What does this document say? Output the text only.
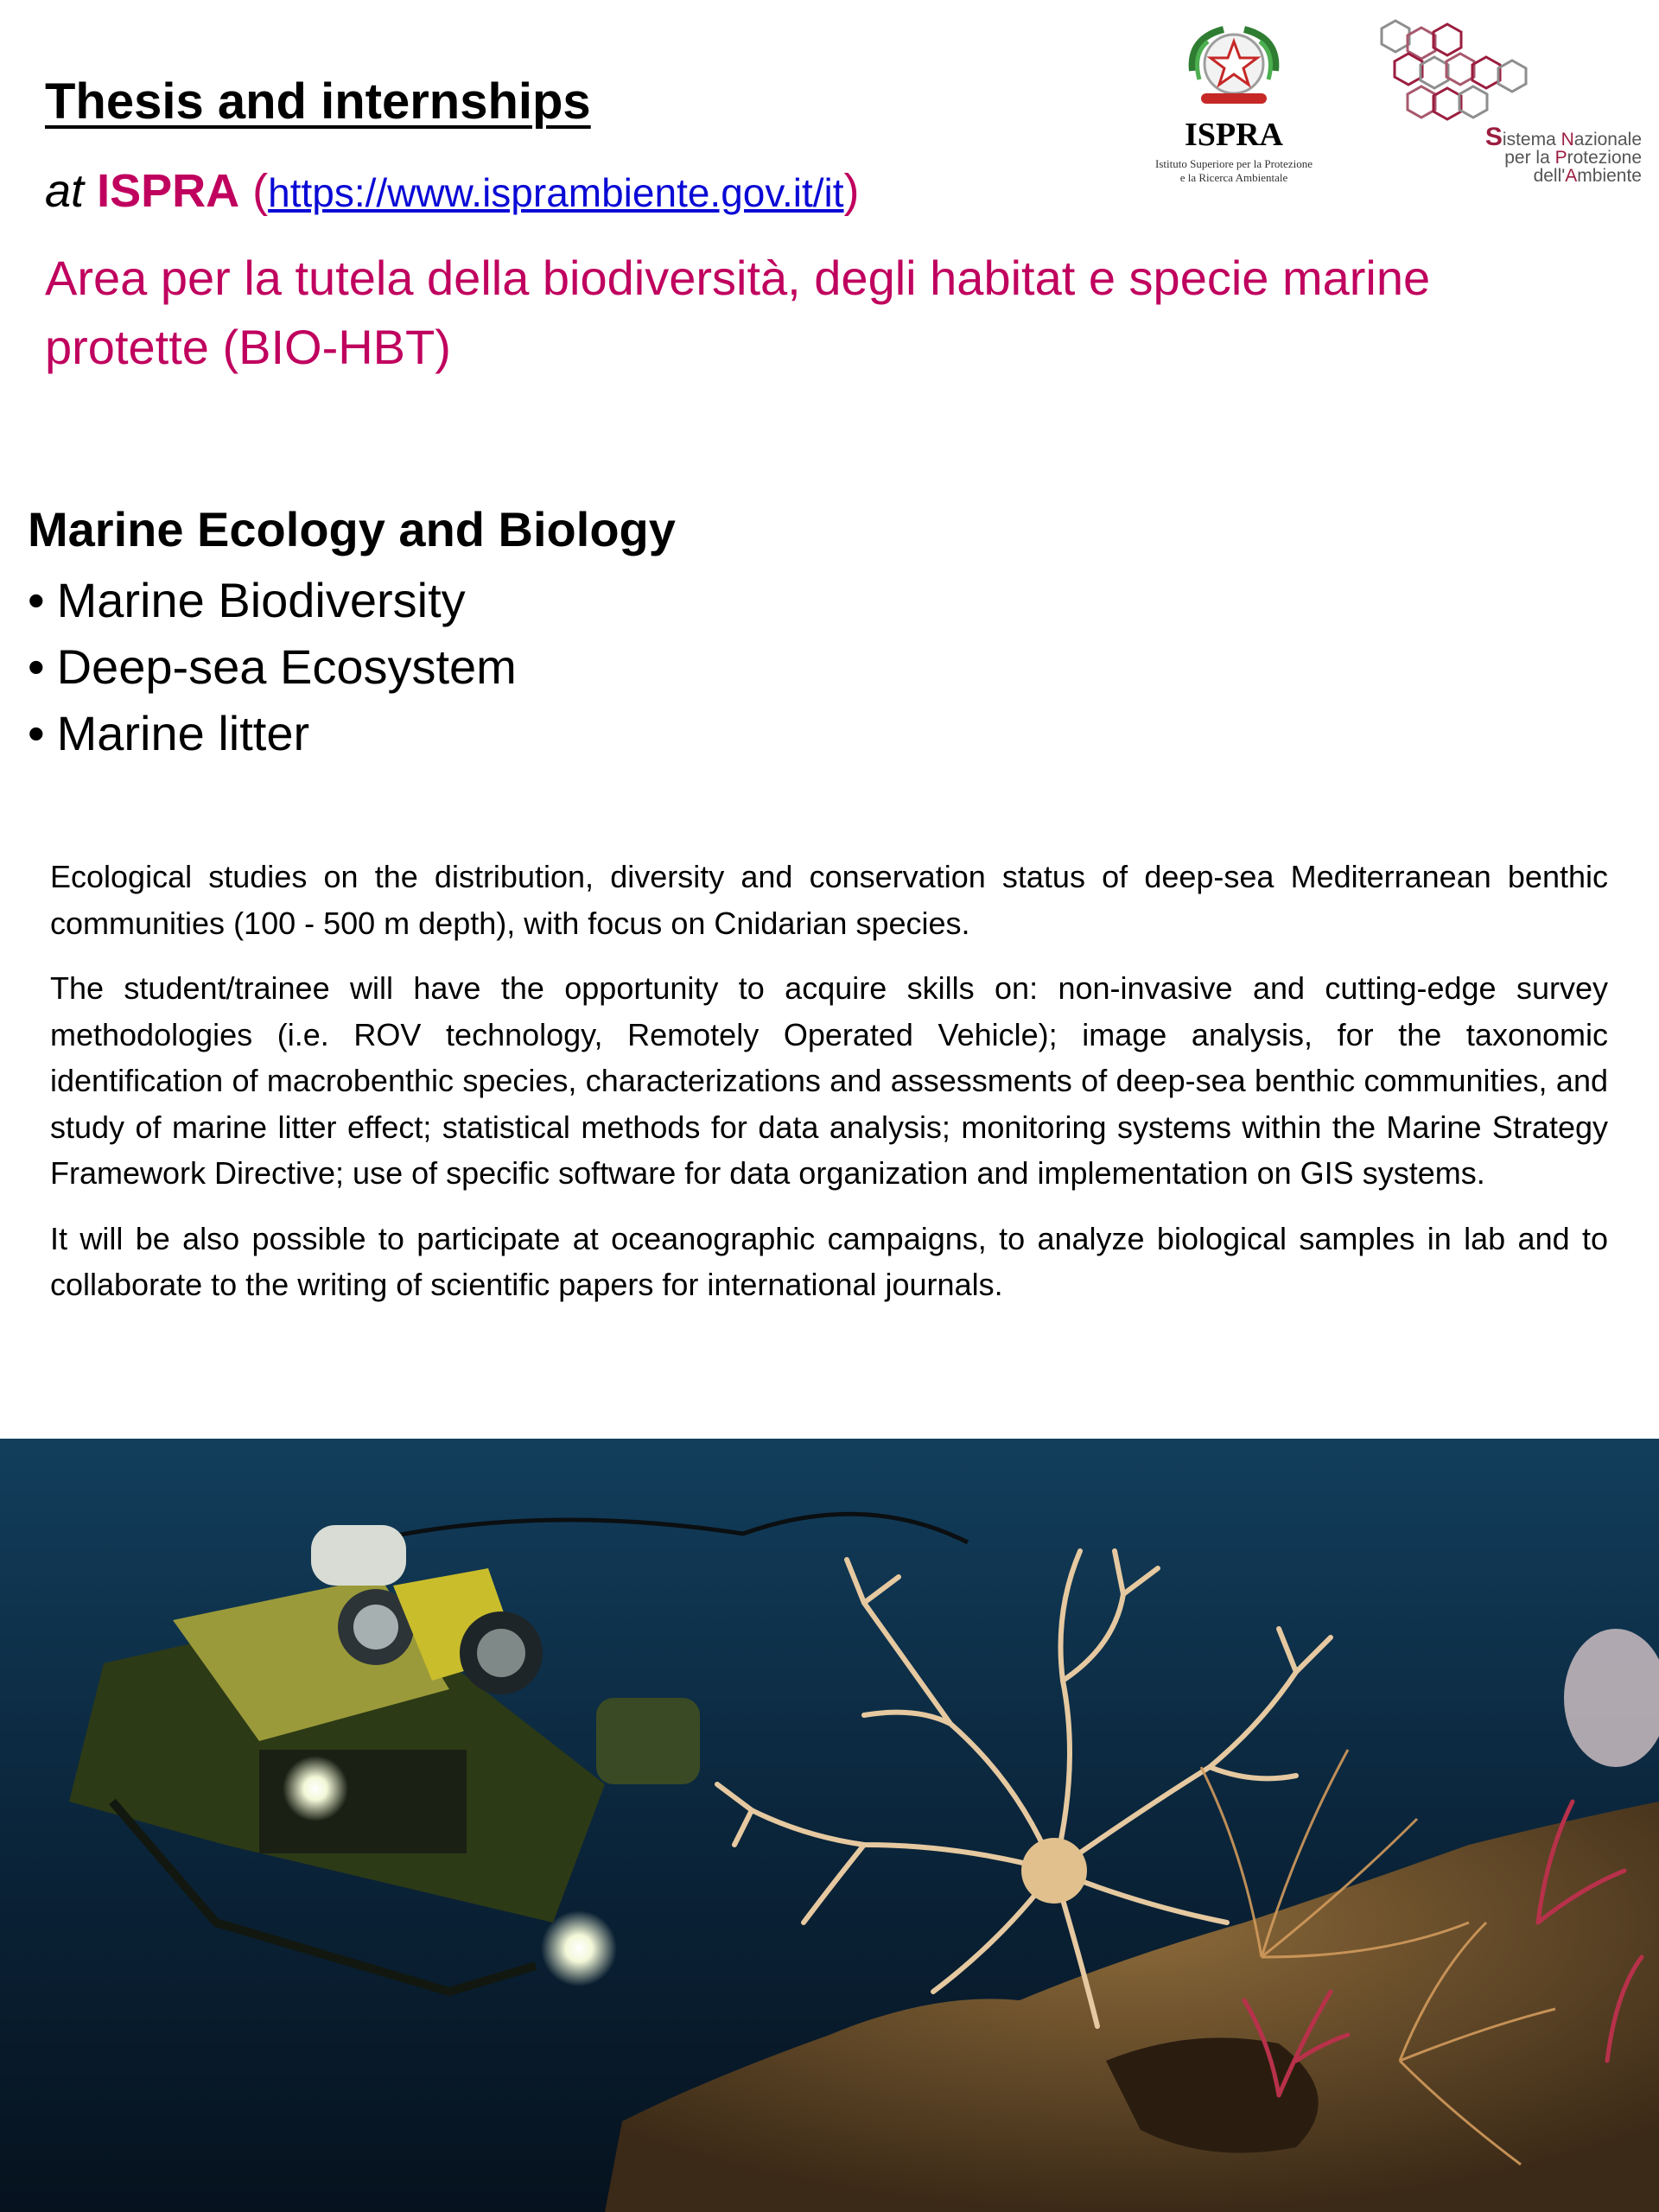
Thesis and internships
at ISPRA (https://www.isprambiente.gov.it/it)

Area per la tutela della biodiversità, degli habitat e specie marine protette (BIO-HBT)

ISPRA
Istituto Superiore per la Protezione
e la Ricerca Ambientale
Sistema Nazionale
per la Protezione
dell'Ambiente
Marine Ecology and Biology
• Marine Biodiversity
• Deep-sea Ecosystem
• Marine litter

Ecological studies on the distribution, diversity and conservation status of deep-sea Mediterranean benthic communities (100 - 500 m depth), with focus on Cnidarian species.

The student/trainee will have the opportunity to acquire skills on: non-invasive and cutting-edge survey methodologies (i.e. ROV technology, Remotely Operated Vehicle); image analysis, for the taxonomic identification of macrobenthic species, characterizations and assessments of deep-sea benthic communities, and study of marine litter effect; statistical methods for data analysis; monitoring systems within the Marine Strategy Framework Directive; use of specific software for data organization and implementation on GIS systems.

It will be also possible to participate at oceanographic campaigns, to analyze biological samples in lab and to collaborate to the writing of scientific papers for international journals.
